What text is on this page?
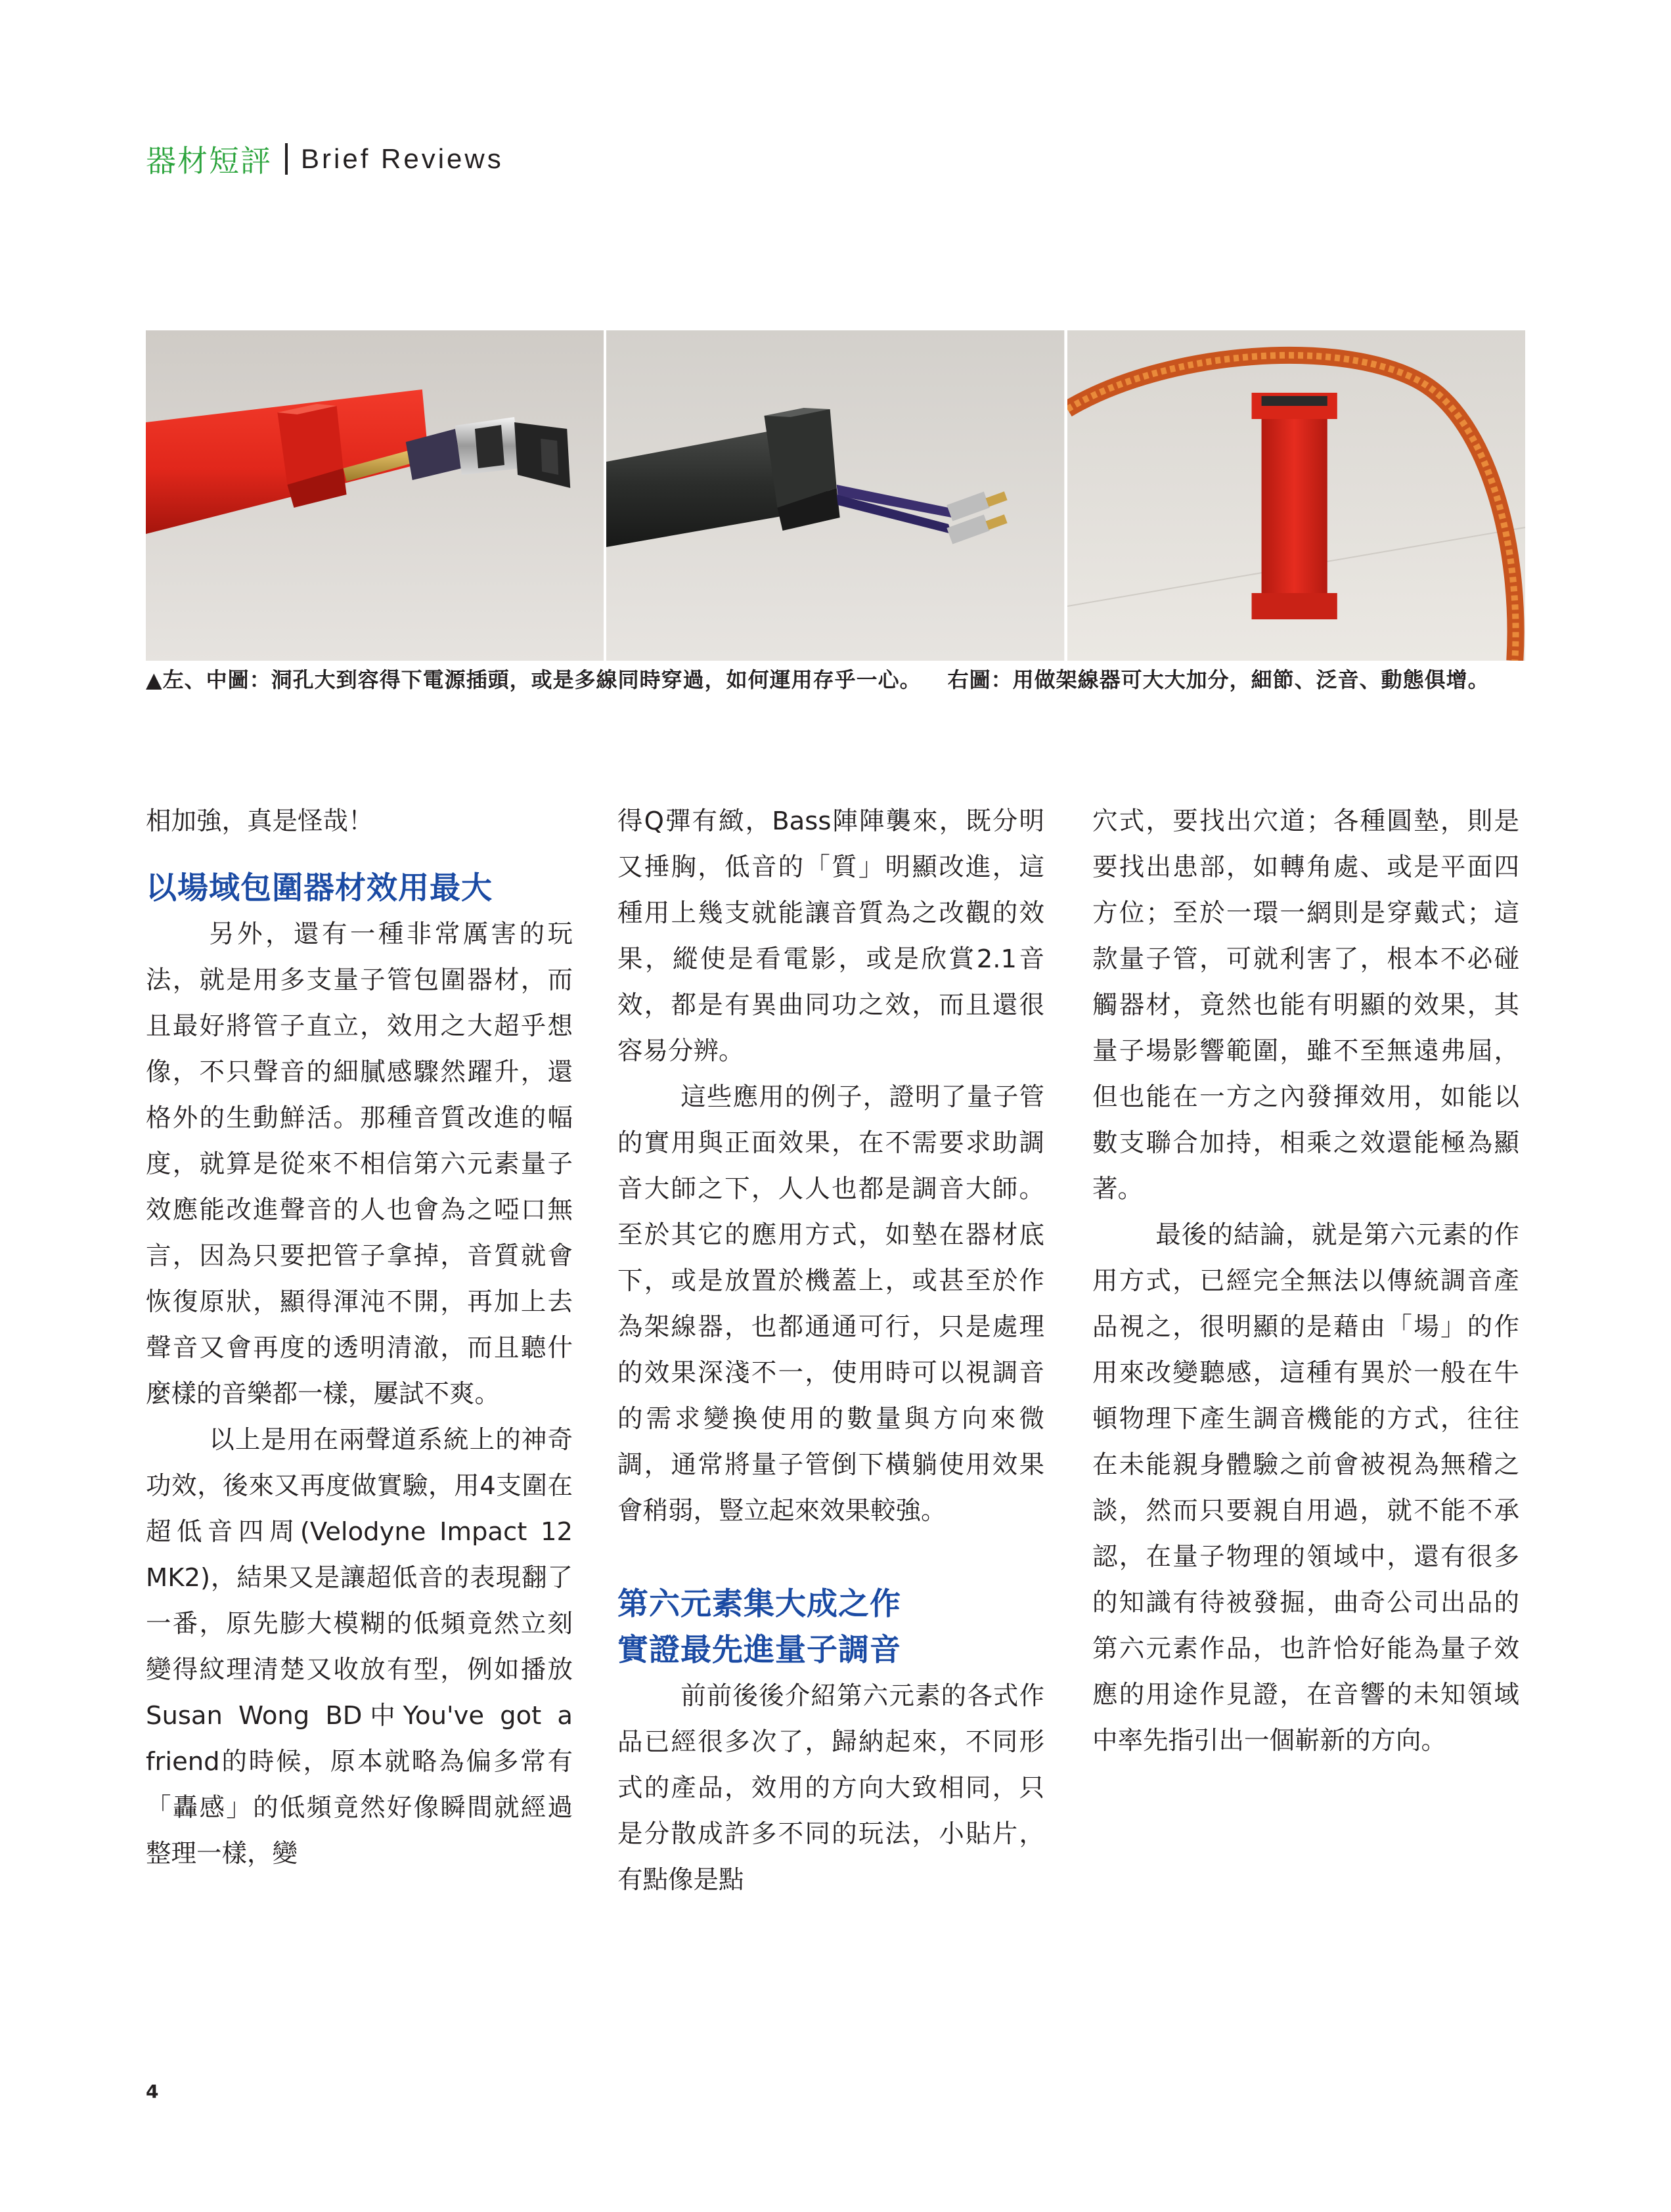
器材短評 Brief Reviews
▲左、中圖：洞孔大到容得下電源插頭，或是多線同時穿過，如何運用存乎一心。 右圖：用做架線器可大大加分，細節、泛音、動態俱增。

相加強，真是怪哉！

以場域包圍器材效用最大

另外，還有一種非常厲害的玩法，就是用多支量子管包圍器材，而且最好將管子直立，效用之大超乎想像，不只聲音的細膩感驟然躍升，還格外的生動鮮活。那種音質改進的幅度，就算是從來不相信第六元素量子效應能改進聲音的人也會為之啞口無言，因為只要把管子拿掉，音質就會恢復原狀，顯得渾沌不開，再加上去聲音又會再度的透明清澈，而且聽什麼樣的音樂都一樣，屢試不爽。

以上是用在兩聲道系統上的神奇功效，後來又再度做實驗，用4支圍在超低音四周(Velodyne Impact 12 MK2)，結果又是讓超低音的表現翻了一番，原先膨大模糊的低頻竟然立刻變得紋理清楚又收放有型，例如播放Susan Wong BD中You've got a friend的時候，原本就略為偏多常有「轟感」的低頻竟然好像瞬間就經過整理一樣，變

得Q彈有緻，Bass陣陣襲來，既分明又捶胸，低音的「質」明顯改進，這種用上幾支就能讓音質為之改觀的效果，縱使是看電影，或是欣賞2.1音效，都是有異曲同功之效，而且還很容易分辨。

這些應用的例子，證明了量子管的實用與正面效果，在不需要求助調音大師之下，人人也都是調音大師。至於其它的應用方式，如墊在器材底下，或是放置於機蓋上，或甚至於作為架線器，也都通通可行，只是處理的效果深淺不一，使用時可以視調音的需求變換使用的數量與方向來微調，通常將量子管倒下橫躺使用效果會稍弱，豎立起來效果較強。

第六元素集大成之作
實證最先進量子調音

前前後後介紹第六元素的各式作品已經很多次了，歸納起來，不同形式的產品，效用的方向大致相同，只是分散成許多不同的玩法，小貼片，有點像是點

穴式，要找出穴道；各種圓墊，則是要找出患部，如轉角處、或是平面四方位；至於一環一網則是穿戴式；這款量子管，可就利害了，根本不必碰觸器材，竟然也能有明顯的效果，其量子場影響範圍，雖不至無遠弗屆，但也能在一方之內發揮效用，如能以數支聯合加持，相乘之效還能極為顯著。

最後的結論，就是第六元素的作用方式，已經完全無法以傳統調音產品視之，很明顯的是藉由「場」的作用來改變聽感，這種有異於一般在牛頓物理下產生調音機能的方式，往往在未能親身體驗之前會被視為無稽之談，然而只要親自用過，就不能不承認，在量子物理的領域中，還有很多的知識有待被發掘，曲奇公司出品的第六元素作品，也許恰好能為量子效應的用途作見證，在音響的未知領域中率先指引出一個嶄新的方向。

4
